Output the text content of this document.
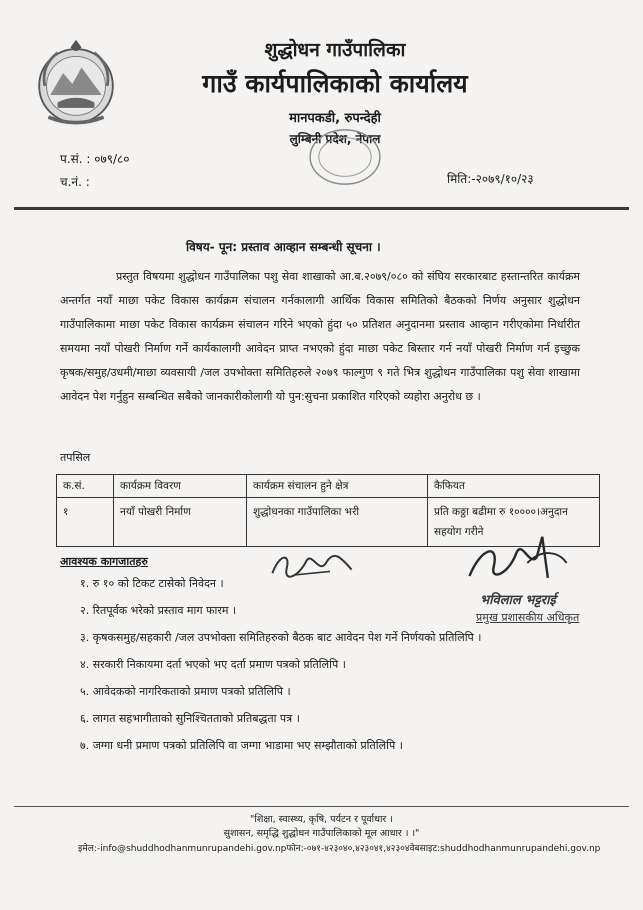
शुद्धोधन गाउँपालिका
गाउँ कार्यपालिकाको कार्यालय
मानपकडी, रुपन्देही
लुम्बिनी प्रदेश, नेपाल
प.सं. : ०७९/८०
च.नं. :	मिति:-२०७९/१०/२३
विषय- पून: प्रस्ताव आव्हान सम्बन्धी सूचना ।

प्रस्तुत विषयमा शुद्धोधन गाउँपालिका पशु सेवा शाखाको आ.ब.२०७९/०८० को संघिय सरकारबाट हस्तान्तरित कार्यक्रम अन्तर्गत नयाँ माछा पकेट विकास कार्यक्रम संचालन गर्नकालागी आर्थिक विकास समितिको बैठकको निर्णय अनुसार शुद्धोधन गाउँपालिकामा माछा पकेट विकास कार्यक्रम संचालन गरिने भएको हुंदा ५० प्रतिशत अनुदानमा प्रस्ताव आव्हान गरीएकोमा निर्धारीत समयमा नयाँ पोखरी निर्माण गर्ने कार्यकालागी आवेदन प्राप्त नभएको हुंदा माछा पकेट बिस्तार गर्न नयाँ पोखरी निर्माण गर्न इच्छुक कृषक/समुह/उधमी/माछा व्यवसायी /जल उपभोक्ता समितिहरुले २०७९ फाल्गुण ९ गते भित्र शुद्धोधन गाउँपालिका पशु सेवा शाखामा आवेदन पेश गर्नुहुन सम्बन्धित सबैको जानकारीकोलागी यो पुन:सुचना प्रकाशित गरिएको व्यहोरा अनुरोध छ ।

तपसिल
क.सं.	कार्यक्रम विवरण	कार्यक्रम संचालन हुने क्षेत्र	कैफियत
१	नयाँ पोखरी निर्माण	शुद्धोधनका गाउँपालिका भरी	प्रति कठ्ठा बढीमा रु १००००।अनुदान सहयोग गरीने
आवश्यक कागजातहरु
१. रु १० को टिकट टासेको निवेदन ।
२. रितपूर्वक भरेको प्रस्ताव माग फारम ।
३. कृषकसमुह/सहकारी /जल उपभोक्ता समितिहरुको बैठक बाट आवेदन पेश गर्ने निर्णयको प्रतिलिपि ।
४. सरकारी निकायमा दर्ता भएको भए दर्ता प्रमाण पत्रको प्रतिलिपि ।
५. आवेदकको नागरिकताको प्रमाण पत्रको प्रतिलिपि ।
६. लागत सहभागीताको सुनिश्चितताको प्रतिबद्धता पत्र ।
७. जग्गा धनी प्रमाण पत्रको प्रतिलिपि वा जग्गा भाडामा भए सम्झौताको प्रतिलिपि ।
भविलाल भट्टराई
प्रमुख प्रशासकीय अधिकृत
"शिक्षा, स्वास्थ्य, कृषि, पर्यटन र पूर्वाधार ।
सुशासन, समृद्धि शुद्धोधन गाउँपालिकाको मूल आधार । ।"
इमेल:-info@shuddhodhanmunrupandehi.gov.npफोन:-०७१-४२३०४०,४२३०४१,४२३०४वेबसाइट:shuddhodhanmunrupandehi.gov.np
